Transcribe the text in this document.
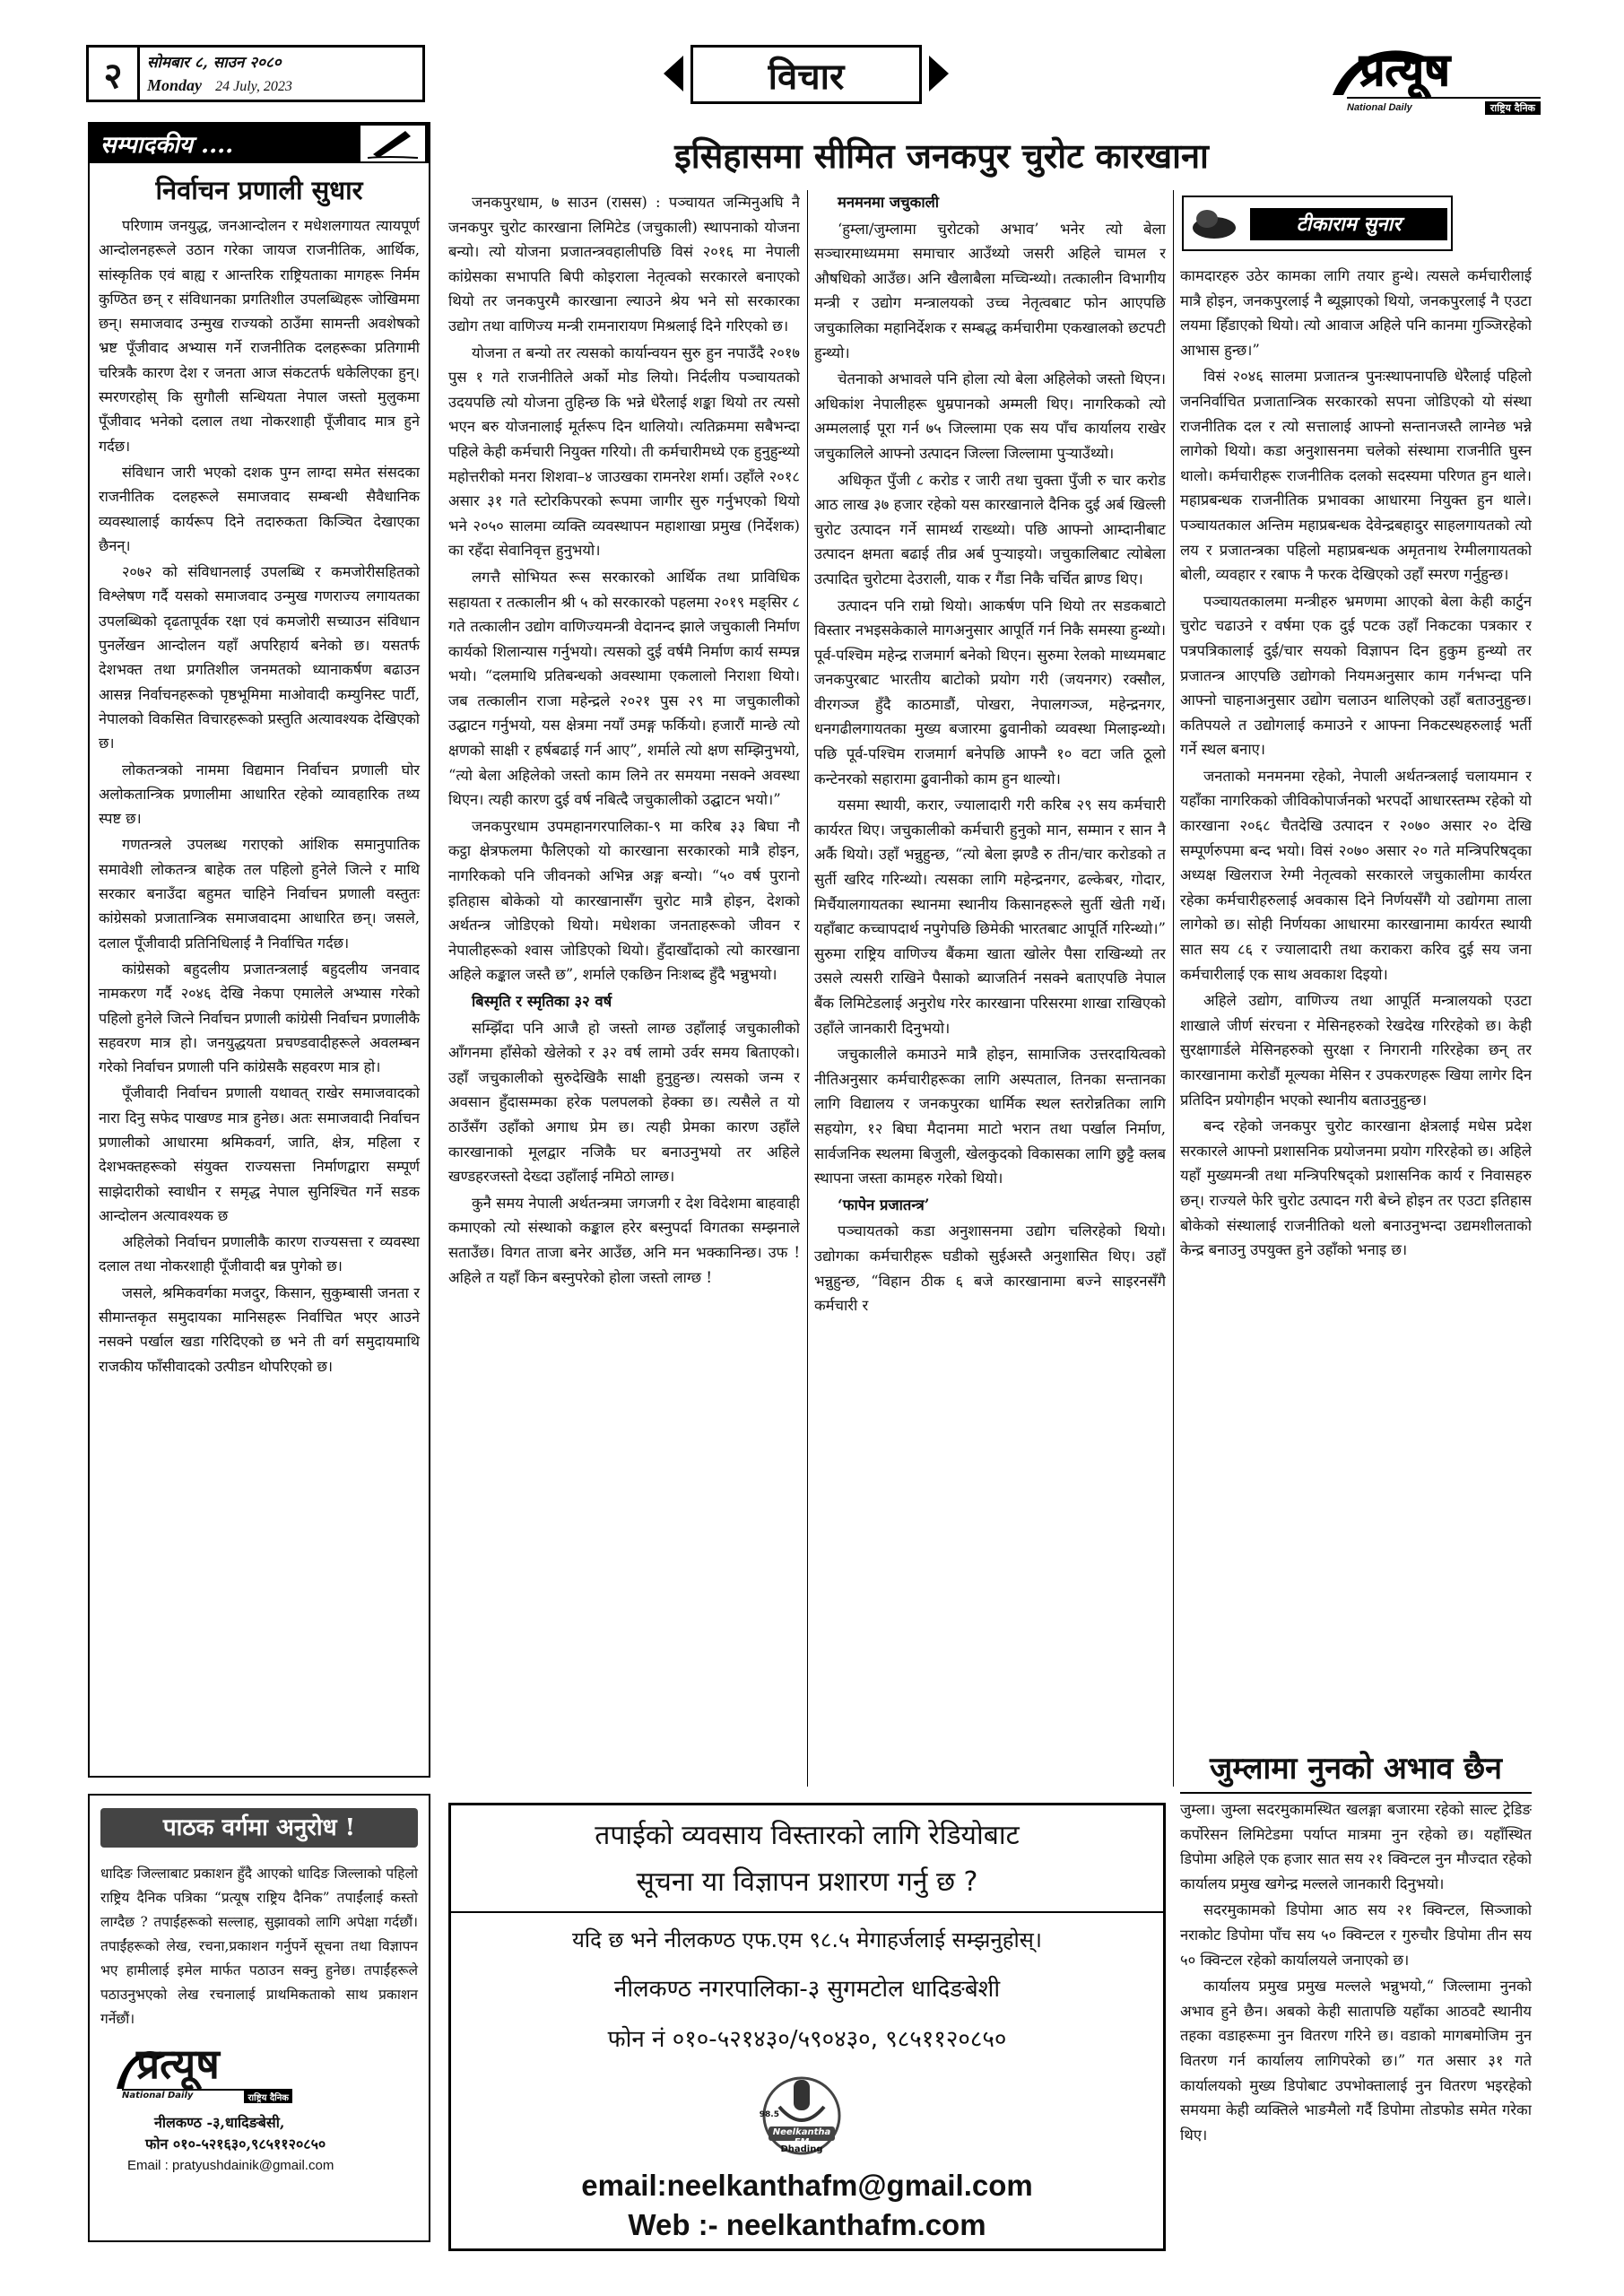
२ सोमबार ८, साउन २०८०
Monday 24 July, 2023	विचार	प्रत्यूष
National Daily	राष्ट्रिय दैनिक
इसिहासमा सीमित जनकपुर चुरोट कारखाना
सम्पादकीय ....
निर्वाचन प्रणाली सुधार

परिणाम जनयुद्ध, जनआन्दोलन र मधेशलगायत त्यायपूर्ण आन्दोलनहरूले उठान गरेका जायज राजनीतिक, आर्थिक, सांस्कृतिक एवं बाह्य र आन्तरिक राष्ट्रियताका मागहरू निर्मम कुण्ठित छन् र संविधानका प्रगतिशील उपलब्धिहरू जोखिममा छन्। समाजवाद उन्मुख राज्यको ठाउँमा सामन्ती अवशेषको भ्रष्ट पूँजीवाद अभ्यास गर्ने राजनीतिक दलहरूका प्रतिगामी चरित्रकै कारण देश र जनता आज संकटतर्फ धकेलिएका हुन्। स्मरणरहोस् कि सुगौली सन्धियता नेपाल जस्तो मुलुकमा पूँजीवाद भनेको दलाल तथा नोकरशाही पूँजीवाद मात्र हुने गर्दछ।

संविधान जारी भएको दशक पुग्न लाग्दा समेत संसदका राजनीतिक दलहरूले समाजवाद सम्बन्धी सैवैधानिक व्यवस्थालाई कार्यरूप दिने तदारुकता किञ्चित देखाएका छैनन्।

२०७२ को संविधानलाई उपलब्धि र कमजोरीसहितको विश्लेषण गर्दै यसको समाजवाद उन्मुख गणराज्य लगायतका उपलब्धिको दृढतापूर्वक रक्षा एवं कमजोरी सच्याउन संविधान पुनर्लेखन आन्दोलन यहाँ अपरिहार्य बनेको छ। यसतर्फ देशभक्त तथा प्रगतिशील जनमतको ध्यानाकर्षण बढाउन आसन्न निर्वाचनहरूको पृष्ठभूमिमा माओवादी कम्युनिस्ट पार्टी, नेपालको विकसित विचारहरूको प्रस्तुति अत्यावश्यक देखिएको छ।

लोकतन्त्रको नाममा विद्यमान निर्वाचन प्रणाली घोर अलोकतान्त्रिक प्रणालीमा आधारित रहेको व्यावहारिक तथ्य स्पष्ट छ।

गणतन्त्रले उपलब्ध गराएको आंशिक समानुपातिक समावेशी लोकतन्त्र बाहेक तल पहिलो हुनेले जित्ने र माथि सरकार बनाउँदा बहुमत चाहिने निर्वाचन प्रणाली वस्तुतः कांग्रेसको प्रजातान्त्रिक समाजवादमा आधारित छन्। जसले, दलाल पूँजीवादी प्रतिनिधिलाई नै निर्वाचित गर्दछ।

कांग्रेसको बहुदलीय प्रजातन्त्रलाई बहुदलीय जनवाद नामकरण गर्दै २०४६ देखि नेकपा एमालेले अभ्यास गरेको पहिलो हुनेले जित्ने निर्वाचन प्रणाली कांग्रेसी निर्वाचन प्रणालीकै सहवरण मात्र हो। जनयुद्धयता प्रचण्डवादीहरूले अवलम्बन गरेको निर्वाचन प्रणाली पनि कांग्रेसकै सहवरण मात्र हो।

पूँजीवादी निर्वाचन प्रणाली यथावत् राखेर समाजवादको नारा दिनु सफेद पाखण्ड मात्र हुनेछ। अतः समाजवादी निर्वाचन प्रणालीको आधारमा श्रमिकवर्ग, जाति, क्षेत्र, महिला र देशभक्तहरूको संयुक्त राज्यसत्ता निर्माणद्वारा सम्पूर्ण साझेदारीको स्वाधीन र समृद्ध नेपाल सुनिश्चित गर्ने सडक आन्दोलन अत्यावश्यक छ

अहिलेको निर्वाचन प्रणालीकै कारण राज्यसत्ता र व्यवस्था दलाल तथा नोकरशाही पूँजीवादी बन्न पुगेको छ।

जसले, श्रमिकवर्गका मजदुर, किसान, सुकुम्बासी जनता र सीमान्तकृत समुदायका मानिसहरू निर्वाचित भएर आउने नसक्ने पर्खाल खडा गरिदिएको छ भने ती वर्ग समुदायमाथि राजकीय फाँसीवादको उत्पीडन थोपरिएको छ।

पाठक वर्गमा अनुरोध !
धादिङ जिल्लाबाट प्रकाशन हुँदै आएको धादिङ जिल्लाको पहिलो राष्ट्रिय दैनिक पत्रिका “प्रत्यूष राष्ट्रिय दैनिक” तपाईंलाई कस्तो लाग्दैछ ? तपाईंहरूको सल्लाह, सुझावको लागि अपेक्षा गर्दछौं। तपाईंहरूको लेख, रचना,प्रकाशन गर्नुपर्ने सूचना तथा विज्ञापन भए हामीलाई इमेल मार्फत पठाउन सक्नु हुनेछ। तपाईंहरूले पठाउनुभएको लेख रचनालाई प्राथमिकताको साथ प्रकाशन गर्नेछौं।
प्रत्यूष
National Daily	राष्ट्रिय दैनिक
नीलकण्ठ -३,धादिङबेसी,
फोन ०१०-५२१६३०,९८५११२०८५०
Email : pratyushdainik@gmail.com

जनकपुरधाम, ७ साउन (रासस) : पञ्चायत जन्मिनुअघि नै जनकपुर चुरोट कारखाना लिमिटेड (जचुकाली) स्थापनाको योजना बन्यो। त्यो योजना प्रजातन्त्रवहालीपछि विसं २०१६ मा नेपाली कांग्रेसका सभापति बिपी कोइराला नेतृत्वको सरकारले बनाएको थियो तर जनकपुरमै कारखाना ल्याउने श्रेय भने सो सरकारका उद्योग तथा वाणिज्य मन्त्री रामनारायण मिश्रलाई दिने गरिएको छ।

योजना त बन्यो तर त्यसको कार्यान्वयन सुरु हुन नपाउँदै २०१७ पुस १ गते राजनीतिले अर्को मोड लियो। निर्दलीय पञ्चायतको उदयपछि त्यो योजना तुहिन्छ कि भन्ने धेरैलाई शङ्का थियो तर त्यसो भएन बरु योजनालाई मूर्तरूप दिन थालियो। त्यतिक्रममा सबैभन्दा पहिले केही कर्मचारी नियुक्त गरियो। ती कर्मचारीमध्ये एक हुनुहुन्थ्यो महोत्तरीको मनरा शिशवा–४ जाउखका रामनरेश शर्मा। उहाँले २०१८ असार ३१ गते स्टोरकिपरको रूपमा जागीर सुरु गर्नुभएको थियो भने २०५० सालमा व्यक्ति व्यवस्थापन महाशाखा प्रमुख (निर्देशक) का रहँदा सेवानिवृत्त हुनुभयो।

लगत्तै सोभियत रूस सरकारको आर्थिक तथा प्राविधिक सहायता र तत्कालीन श्री ५ को सरकारको पहलमा २०१९ मङ्सिर ८ गते तत्कालीन उद्योग वाणिज्यमन्त्री वेदानन्द झाले जचुकाली निर्माण कार्यको शिलान्यास गर्नुभयो। त्यसको दुई वर्षमै निर्माण कार्य सम्पन्न भयो। “दलमाथि प्रतिबन्धको अवस्थामा एकलालो निराशा थियो। जब तत्कालीन राजा महेन्द्रले २०२१ पुस २९ मा जचुकालीको उद्घाटन गर्नुभयो, यस क्षेत्रमा नयाँ उमङ्ग फर्कियो। हजारौं मान्छे त्यो क्षणको साक्षी र हर्षबढाई गर्न आए”, शर्माले त्यो क्षण सम्झिनुभयो, “त्यो बेला अहिलेको जस्तो काम लिने तर समयमा नसक्ने अवस्था थिएन। त्यही कारण दुई वर्ष नबित्दै जचुकालीको उद्घाटन भयो।”

जनकपुरधाम उपमहानगरपालिका-९ मा करिब ३३ बिघा नौ कट्ठा क्षेत्रफलमा फैलिएको यो कारखाना सरकारको मात्रै होइन, नागरिकको पनि जीवनको अभिन्न अङ्ग बन्यो। “५० वर्ष पुरानो इतिहास बोकेको यो कारखानासँग चुरोट मात्रै होइन, देशको अर्थतन्त्र जोडिएको थियो। मधेशका जनताहरूको जीवन र नेपालीहरूको श्वास जोडिएको थियो। हुँदाखाँदाको त्यो कारखाना अहिले कङ्काल जस्तै छ”, शर्माले एकछिन निःशब्द हुँदै भन्नुभयो।

बिस्मृति र स्मृतिका ३२ वर्ष

सम्झिँदा पनि आजै हो जस्तो लाग्छ उहाँलाई जचुकालीको आँगनमा हाँसेको खेलेको र ३२ वर्ष लामो उर्वर समय बिताएको। उहाँ जचुकालीको सुरुदेखिकै साक्षी हुनुहुन्छ। त्यसको जन्म र अवसान हुँदासम्मका हरेक पलपलको हेक्का छ। त्यसैले त यो ठाउँसँग उहाँको अगाध प्रेम छ। त्यही प्रेमका कारण उहाँले कारखानाको मूलद्वार नजिकै घर बनाउनुभयो तर अहिले खण्डहरजस्तो देख्दा उहाँलाई नमिठो लाग्छ।

कुनै समय नेपाली अर्थतन्त्रमा जगजगी र देश विदेशमा बाहवाही कमाएको त्यो संस्थाको कङ्काल हरेर बस्नुपर्दा विगतका सम्झनाले सताउँछ। विगत ताजा बनेर आउँछ, अनि मन भक्कानिन्छ। उफ ! अहिले त यहाँ किन बस्नुपरेको होला जस्तो लाग्छ !

मनमनमा जचुकाली

‘हुम्ला/जुम्लामा चुरोटको अभाव’ भनेर त्यो बेला सञ्चारमाध्यममा समाचार आउँथ्यो जसरी अहिले चामल र औषधिको आउँछ। अनि खैलाबैला मच्चिन्थ्यो। तत्कालीन विभागीय मन्त्री र उद्योग मन्त्रालयको उच्च नेतृत्वबाट फोन आएपछि जचुकालिका महानिर्देशक र सम्बद्ध कर्मचारीमा एकखालको छटपटी हुन्थ्यो।

चेतनाको अभावले पनि होला त्यो बेला अहिलेको जस्तो थिएन। अधिकांश नेपालीहरू धुम्रपानको अम्मली थिए। नागरिकको त्यो अम्मललाई पूरा गर्न ७५ जिल्लामा एक सय पाँच कार्यालय राखेर जचुकालिले आफ्नो उत्पादन जिल्ला जिल्लामा पुऱ्याउँथ्यो।

अधिकृत पुँजी ८ करोड र जारी तथा चुक्ता पुँजी रु चार करोड आठ लाख ३७ हजार रहेको यस कारखानाले दैनिक दुई अर्ब खिल्ली चुरोट उत्पादन गर्ने सामर्थ्य राख्थ्यो। पछि आफ्नो आम्दानीबाट उत्पादन क्षमता बढाई तीव्र अर्ब पुऱ्याइयो। जचुकालिबाट त्योबेला उत्पादित चुरोटमा देउराली, याक र गैंडा निकै चर्चित ब्राण्ड थिए।

उत्पादन पनि राम्रो थियो। आकर्षण पनि थियो तर सडकबाटो विस्तार नभइसकेकाले मागअनुसार आपूर्ति गर्न निकै समस्या हुन्थ्यो। पूर्व-पश्चिम महेन्द्र राजमार्ग बनेको थिएन। सुरुमा रेलको माध्यमबाट जनकपुरबाट भारतीय बाटोको प्रयोग गरी (जयनगर) रक्सौल, वीरगञ्ज हुँदै काठमाडौं, पोखरा, नेपालगञ्ज, महेन्द्रनगर, धनगढीलगायतका मुख्य बजारमा ढुवानीको व्यवस्था मिलाइन्थ्यो। पछि पूर्व-पश्चिम राजमार्ग बनेपछि आफ्नै १० वटा जति ठूलो कन्टेनरको सहारामा ढुवानीको काम हुन थाल्यो।

यसमा स्थायी, करार, ज्यालादारी गरी करिब २९ सय कर्मचारी कार्यरत थिए। जचुकालीको कर्मचारी हुनुको मान, सम्मान र सान नै अर्कै थियो। उहाँ भन्नुहुन्छ, “त्यो बेला झण्डै रु तीन/चार करोडको त सुर्ती खरिद गरिन्थ्यो। त्यसका लागि महेन्द्रनगर, ढल्केबर, गोदार, मिर्चैयालगायतका स्थानमा स्थानीय किसानहरूले सुर्ती खेती गर्थे। यहाँबाट कच्चापदार्थ नपुगेपछि छिमेकी भारतबाट आपूर्ति गरिन्थ्यो।” सुरुमा राष्ट्रिय वाणिज्य बैंकमा खाता खोलेर पैसा राखिन्थ्यो तर उसले त्यसरी राखिने पैसाको ब्याजतिर्न नसक्ने बताएपछि नेपाल बैंक लिमिटेडलाई अनुरोध गरेर कारखाना परिसरमा शाखा राखिएको उहाँले जानकारी दिनुभयो।

जचुकालीले कमाउने मात्रै होइन, सामाजिक उत्तरदायित्वको नीतिअनुसार कर्मचारीहरूका लागि अस्पताल, तिनका सन्तानका लागि विद्यालय र जनकपुरका धार्मिक स्थल स्तरोन्नतिका लागि सहयोग, १२ बिघा मैदानमा माटो भरान तथा पर्खाल निर्माण, सार्वजनिक स्थलमा बिजुली, खेलकुदको विकासका लागि छुट्टै क्लब स्थापना जस्ता कामहरु गरेको थियो।

‘फापेन प्रजातन्त्र’

पञ्चायतको कडा अनुशासनमा उद्योग चलिरहेको थियो। उद्योगका कर्मचारीहरू घडीको सुईअस्तै अनुशासित थिए। उहाँ भन्नुहुन्छ, “विहान ठीक ६ बजे कारखानामा बज्ने साइरनसँगै कर्मचारी र

टीकाराम सुनार

कामदारहरु उठेर कामका लागि तयार हुन्थे। त्यसले कर्मचारीलाई मात्रै होइन, जनकपुरलाई नै ब्यूझाएको थियो, जनकपुरलाई नै एउटा लयमा हिँडाएको थियो। त्यो आवाज अहिले पनि कानमा गुञ्जिरहेको आभास हुन्छ।”

विसं २०४६ सालमा प्रजातन्त्र पुनःस्थापनापछि धेरैलाई पहिलो जननिर्वाचित प्रजातान्त्रिक सरकारको सपना जोडिएको यो संस्था राजनीतिक दल र त्यो सत्तालाई आफ्नो सन्तानजस्तै लाग्नेछ भन्ने लागेको थियो। कडा अनुशासनमा चलेको संस्थामा राजनीति घुस्न थालो। कर्मचारीहरू राजनीतिक दलको सदस्यमा परिणत हुन थाले। महाप्रबन्धक राजनीतिक प्रभावका आधारमा नियुक्त हुन थाले। पञ्चायतकाल अन्तिम महाप्रबन्धक देवेन्द्रबहादुर साहलगायतको त्यो लय र प्रजातन्त्रका पहिलो महाप्रबन्धक अमृतनाथ रेग्मीलगायतको बोली, व्यवहार र रबाफ नै फरक देखिएको उहाँ स्मरण गर्नुहुन्छ।

पञ्चायतकालमा मन्त्रीहरु भ्रमणमा आएको बेला केही कार्टुन चुरोट चढाउने र वर्षमा एक दुई पटक उहाँ निकटका पत्रकार र पत्रपत्रिकालाई दुई/चार सयको विज्ञापन दिन हुकुम हुन्थ्यो तर प्रजातन्त्र आएपछि उद्योगको नियमअनुसार काम गर्नभन्दा पनि आफ्नो चाहनाअनुसार उद्योग चलाउन थालिएको उहाँ बताउनुहुन्छ। कतिपयले त उद्योगलाई कमाउने र आफ्ना निकटस्थहरुलाई भर्ती गर्ने स्थल बनाए।

जनताको मनमनमा रहेको, नेपाली अर्थतन्त्रलाई चलायमान र यहाँका नागरिकको जीविकोपार्जनको भरपर्दो आधारस्तम्भ रहेको यो कारखाना २०६८ चैतदेखि उत्पादन र २०७० असार २० देखि सम्पूर्णरुपमा बन्द भयो। विसं २०७० असार २० गते मन्त्रिपरिषद्का अध्यक्ष खिलराज रेग्मी नेतृत्वको सरकारले जचुकालीमा कार्यरत रहेका कर्मचारीहरुलाई अवकास दिने निर्णयसँगै यो उद्योगमा ताला लागेको छ। सोही निर्णयका आधारमा कारखानामा कार्यरत स्थायी सात सय ८६ र ज्यालादारी तथा कराकरा करिव दुई सय जना कर्मचारीलाई एक साथ अवकाश दिइयो।

अहिले उद्योग, वाणिज्य तथा आपूर्ति मन्त्रालयको एउटा शाखाले जीर्ण संरचना र मेसिनहरुको रेखदेख गरिरहेको छ। केही सुरक्षागार्डले मेसिनहरुको सुरक्षा र निगरानी गरिरहेका छन् तर कारखानामा करोडौं मूल्यका मेसिन र उपकरणहरू खिया लागेर दिन प्रतिदिन प्रयोगहीन भएको स्थानीय बताउनुहुन्छ।

बन्द रहेको जनकपुर चुरोट कारखाना क्षेत्रलाई मधेस प्रदेश सरकारले आफ्नो प्रशासनिक प्रयोजनमा प्रयोग गरिरहेको छ। अहिले यहाँ मुख्यमन्त्री तथा मन्त्रिपरिषद्को प्रशासनिक कार्य र निवासहरु छन्। राज्यले फेरि चुरोट उत्पादन गरी बेच्ने होइन तर एउटा इतिहास बोकेको संस्थालाई राजनीतिको थलो बनाउनुभन्दा उद्यमशीलताको केन्द्र बनाउनु उपयुक्त हुने उहाँको भनाइ छ।

जुम्लामा नुनको अभाव छैन

जुम्ला। जुम्ला सदरमुकामस्थित खलङ्गा बजारमा रहेको साल्ट ट्रेडिङ कर्पोरेसन लिमिटेडमा पर्याप्त मात्रमा नुन रहेको छ। यहाँस्थित डिपोमा अहिले एक हजार सात सय २१ क्विन्टल नुन मौज्दात रहेको कार्यालय प्रमुख खगेन्द्र मल्लले जानकारी दिनुभयो।

सदरमुकामको डिपोमा आठ सय २१ क्विन्टल, सिञ्जाको नराकोट डिपोमा पाँच सय ५० क्विन्टल र गुरुचौर डिपोमा तीन सय ५० क्विन्टल रहेको कार्यालयले जनाएको छ।

कार्यालय प्रमुख प्रमुख मल्लले भन्नुभयो,“ जिल्लामा नुनको अभाव हुने छैन। अबको केही सातापछि यहाँका आठवटै स्थानीय तहका वडाहरूमा नुन वितरण गरिने छ। वडाको मागबमोजिम नुन वितरण गर्न कार्यालय लागिपरेको छ।” गत असार ३१ गते कार्यालयको मुख्य डिपोबाट उपभोक्तालाई नुन वितरण भइरहेको समयमा केही व्यक्तिले भाङमैलो गर्दै डिपोमा तोडफोड समेत गरेका थिए।

तपाईको व्यवसाय विस्तारको लागि रेडियोबाट
सूचना या विज्ञापन प्रशारण गर्नु छ ?
यदि छ भने नीलकण्ठ एफ.एम ९८.५ मेगाहर्जलाई सम्झनुहोस्।
नीलकण्ठ नगरपालिका-३ सुगमटोल धादिङबेशी
फोन नं ०१०-५२१४३०/५९०४३०, ९८५११२०८५०
98.5
Neelkantha FM
Dhading
email:neelkanthafm@gmail.com
Web :- neelkanthafm.com
